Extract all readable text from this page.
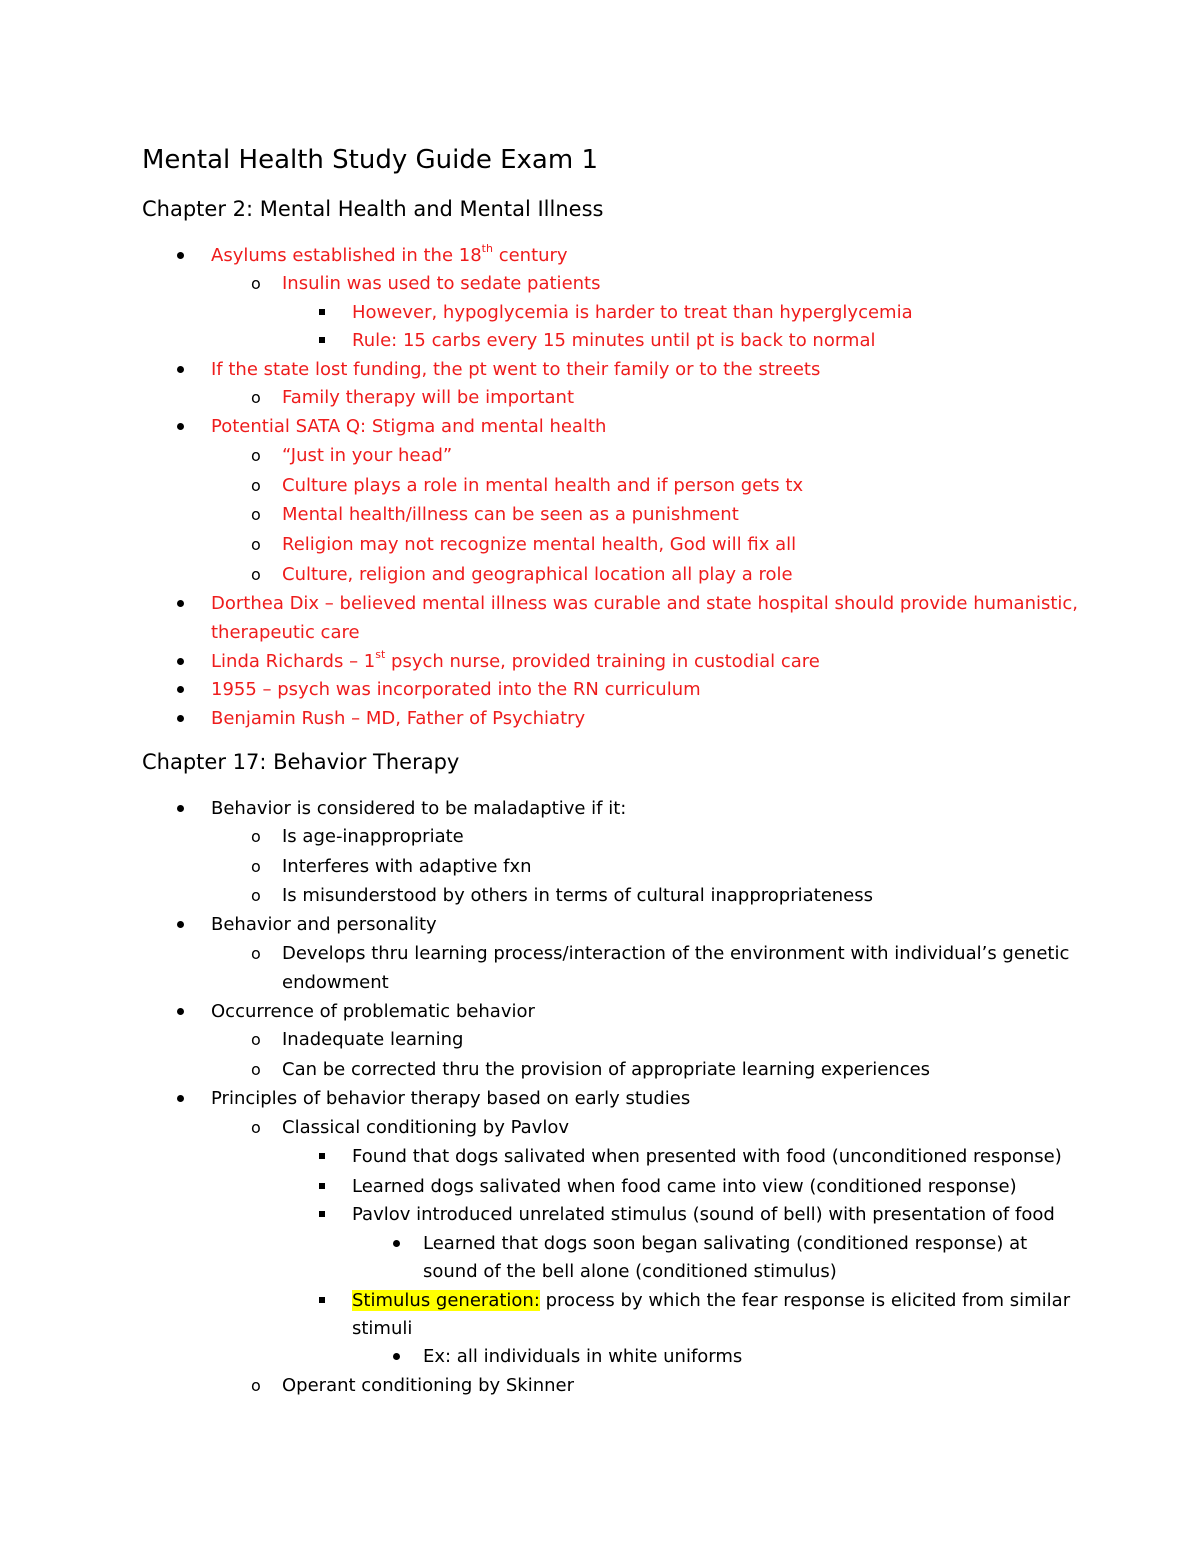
Mental Health Study Guide Exam 1
Chapter 2: Mental Health and Mental Illness
Asylums established in the 18th century
o Insulin was used to sedate patients
However, hypoglycemia is harder to treat than hyperglycemia
Rule: 15 carbs every 15 minutes until pt is back to normal
If the state lost funding, the pt went to their family or to the streets
o Family therapy will be important
Potential SATA Q: Stigma and mental health
o “Just in your head”
o Culture plays a role in mental health and if person gets tx
o Mental health/illness can be seen as a punishment
o Religion may not recognize mental health, God will fix all
o Culture, religion and geographical location all play a role
Dorthea Dix – believed mental illness was curable and state hospital should provide humanistic,
therapeutic care
Linda Richards – 1st psych nurse, provided training in custodial care
1955 – psych was incorporated into the RN curriculum
Benjamin Rush – MD, Father of Psychiatry
Chapter 17: Behavior Therapy
Behavior is considered to be maladaptive if it:
o Is age-inappropriate
o Interferes with adaptive fxn
o Is misunderstood by others in terms of cultural inappropriateness
Behavior and personality
o Develops thru learning process/interaction of the environment with individual’s genetic
endowment
Occurrence of problematic behavior
o Inadequate learning
o Can be corrected thru the provision of appropriate learning experiences
Principles of behavior therapy based on early studies
o Classical conditioning by Pavlov
Found that dogs salivated when presented with food (unconditioned response)
Learned dogs salivated when food came into view (conditioned response)
Pavlov introduced unrelated stimulus (sound of bell) with presentation of food
Learned that dogs soon began salivating (conditioned response) at
sound of the bell alone (conditioned stimulus)
Stimulus generation: process by which the fear response is elicited from similar
stimuli
Ex: all individuals in white uniforms
o Operant conditioning by Skinner
